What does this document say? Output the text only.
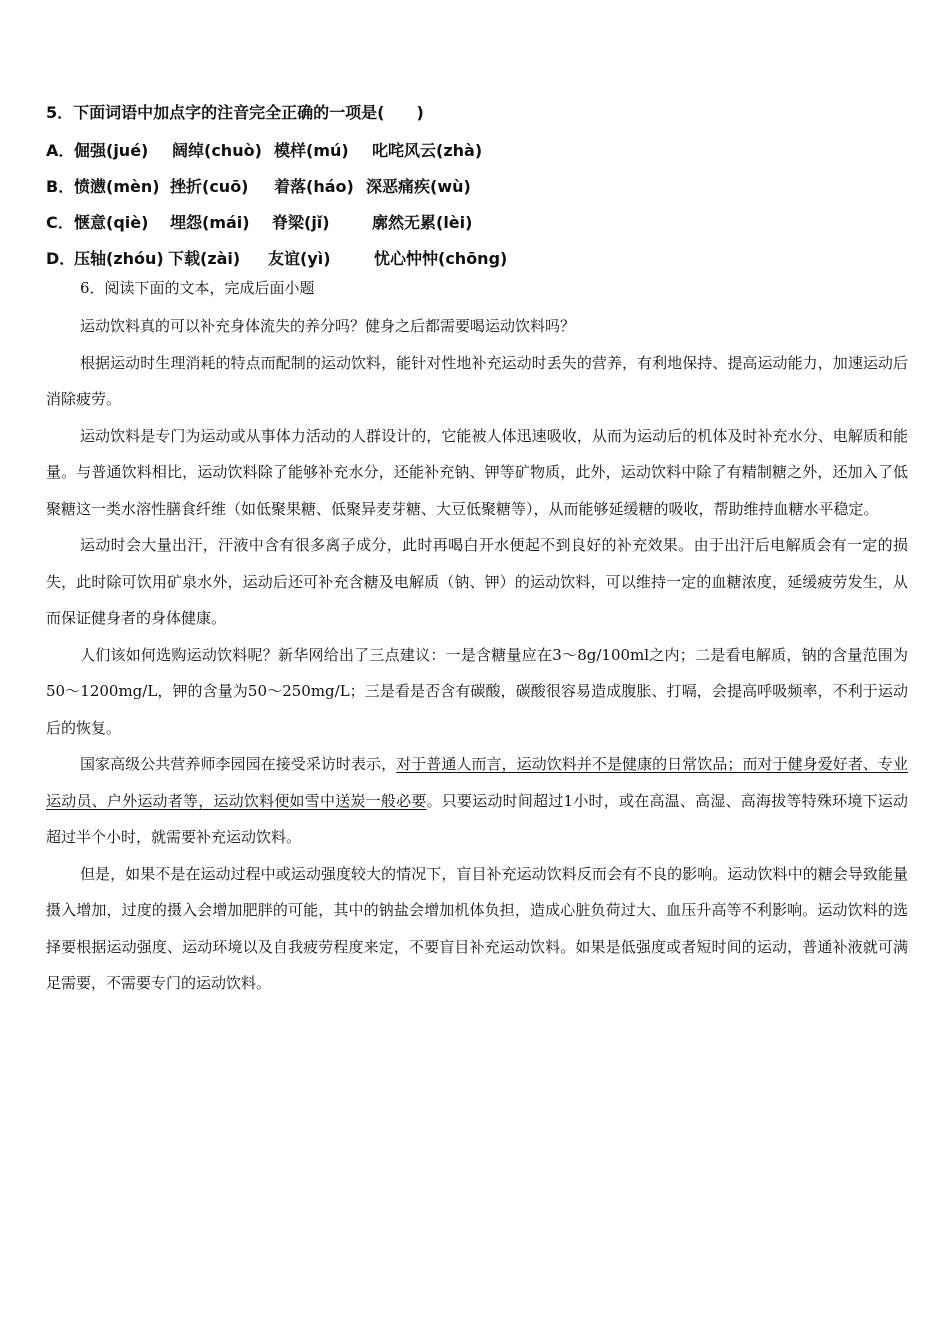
5．下面词语中加点字的注音完全正确的一项是(　　)
A． 倔强(jué) 阔绰(chuò) 模样(mú) 叱咤风云(zhà)
B． 愤懑(mèn) 挫折(cuō) 着落(háo) 深恶痛疾(wù)
C． 惬意(qiè) 埋怨(mái) 脊梁(jǐ)	廓然无累(lèi)
D．
压轴(zhóu) 下载(zài) 友谊(yì)	忧心忡忡(chōng)
6．阅读下面的文本，完成后面小题

运动饮料真的可以补充身体流失的养分吗？健身之后都需要喝运动饮料吗？

根据运动时生理消耗的特点而配制的运动饮料，能针对性地补充运动时丢失的营养，有利地保持、提高运动能力，加速运动后消除疲劳。

运动饮料是专门为运动或从事体力活动的人群设计的，它能被人体迅速吸收，从而为运动后的机体及时补充水分、电解质和能量。与普通饮料相比，运动饮料除了能够补充水分，还能补充钠、钾等矿物质，此外，运动饮料中除了有精制糖之外，还加入了低聚糖这一类水溶性膳食纤维（如低聚果糖、低聚异麦芽糖、大豆低聚糖等），从而能够延缓糖的吸收，帮助维持血糖水平稳定。

运动时会大量出汗，汗液中含有很多离子成分，此时再喝白开水便起不到良好的补充效果。由于出汗后电解质会有一定的损失，此时除可饮用矿泉水外，运动后还可补充含糖及电解质（钠、钾）的运动饮料，可以维持一定的血糖浓度，延缓疲劳发生，从而保证健身者的身体健康。

人们该如何选购运动饮料呢？新华网给出了三点建议：一是含糖量应在3～8g/100ml之内；二是看电解质，钠的含量范围为50～1200mg/L，钾的含量为50～250mg/L；三是看是否含有碳酸，碳酸很容易造成腹胀、打嗝，会提高呼吸频率，不利于运动后的恢复。

国家高级公共营养师李园园在接受采访时表示，对于普通人而言，运动饮料并不是健康的日常饮品；而对于健身爱好者、专业运动员、户外运动者等，运动饮料便如雪中送炭一般必要。只要运动时间超过1小时，或在高温、高湿、高海拔等特殊环境下运动超过半个小时，就需要补充运动饮料。

但是，如果不是在运动过程中或运动强度较大的情况下，盲目补充运动饮料反而会有不良的影响。运动饮料中的糖会导致能量摄入增加，过度的摄入会增加肥胖的可能，其中的钠盐会增加机体负担，造成心脏负荷过大、血压升高等不利影响。运动饮料的选择要根据运动强度、运动环境以及自我疲劳程度来定，不要盲目补充运动饮料。如果是低强度或者短时间的运动，普通补液就可满足需要，不需要专门的运动饮料。
